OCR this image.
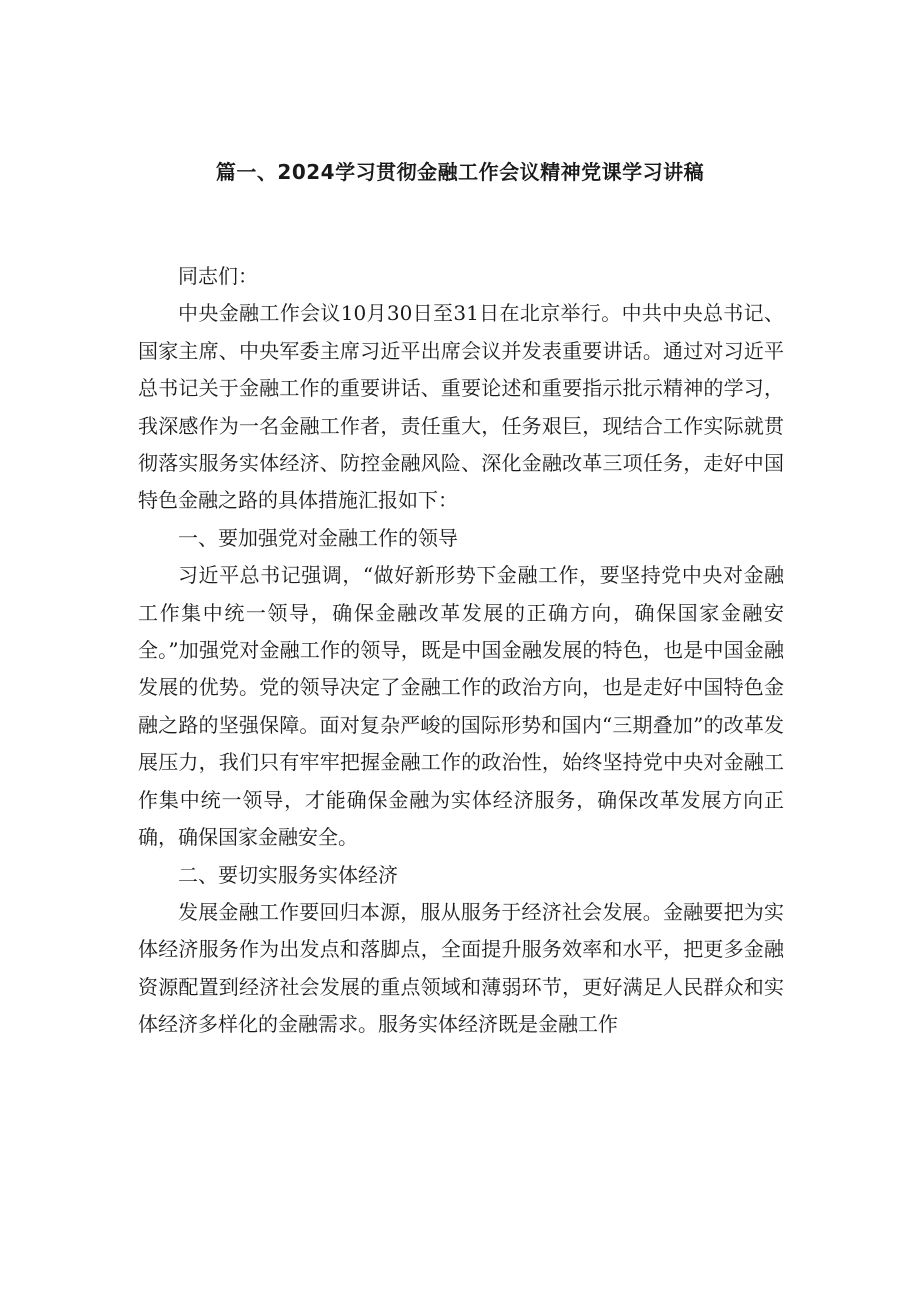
篇一、2024学习贯彻金融工作会议精神党课学习讲稿

同志们：

中央金融工作会议10月30日至31日在北京举行。中共中央总书记、国家主席、中央军委主席习近平出席会议并发表重要讲话。通过对习近平总书记关于金融工作的重要讲话、重要论述和重要指示批示精神的学习，我深感作为一名金融工作者，责任重大，任务艰巨，现结合工作实际就贯彻落实服务实体经济、防控金融风险、深化金融改革三项任务，走好中国特色金融之路的具体措施汇报如下：

一、要加强党对金融工作的领导

习近平总书记强调，“做好新形势下金融工作，要坚持党中央对金融工作集中统一领导，确保金融改革发展的正确方向，确保国家金融安全。”加强党对金融工作的领导，既是中国金融发展的特色，也是中国金融发展的优势。党的领导决定了金融工作的政治方向，也是走好中国特色金融之路的坚强保障。面对复杂严峻的国际形势和国内“三期叠加”的改革发展压力，我们只有牢牢把握金融工作的政治性，始终坚持党中央对金融工作集中统一领导，才能确保金融为实体经济服务，确保改革发展方向正确，确保国家金融安全。

二、要切实服务实体经济

发展金融工作要回归本源，服从服务于经济社会发展。金融要把为实体经济服务作为出发点和落脚点，全面提升服务效率和水平，把更多金融资源配置到经济社会发展的重点领域和薄弱环节，更好满足人民群众和实体经济多样化的金融需求。服务实体经济既是金融工作
